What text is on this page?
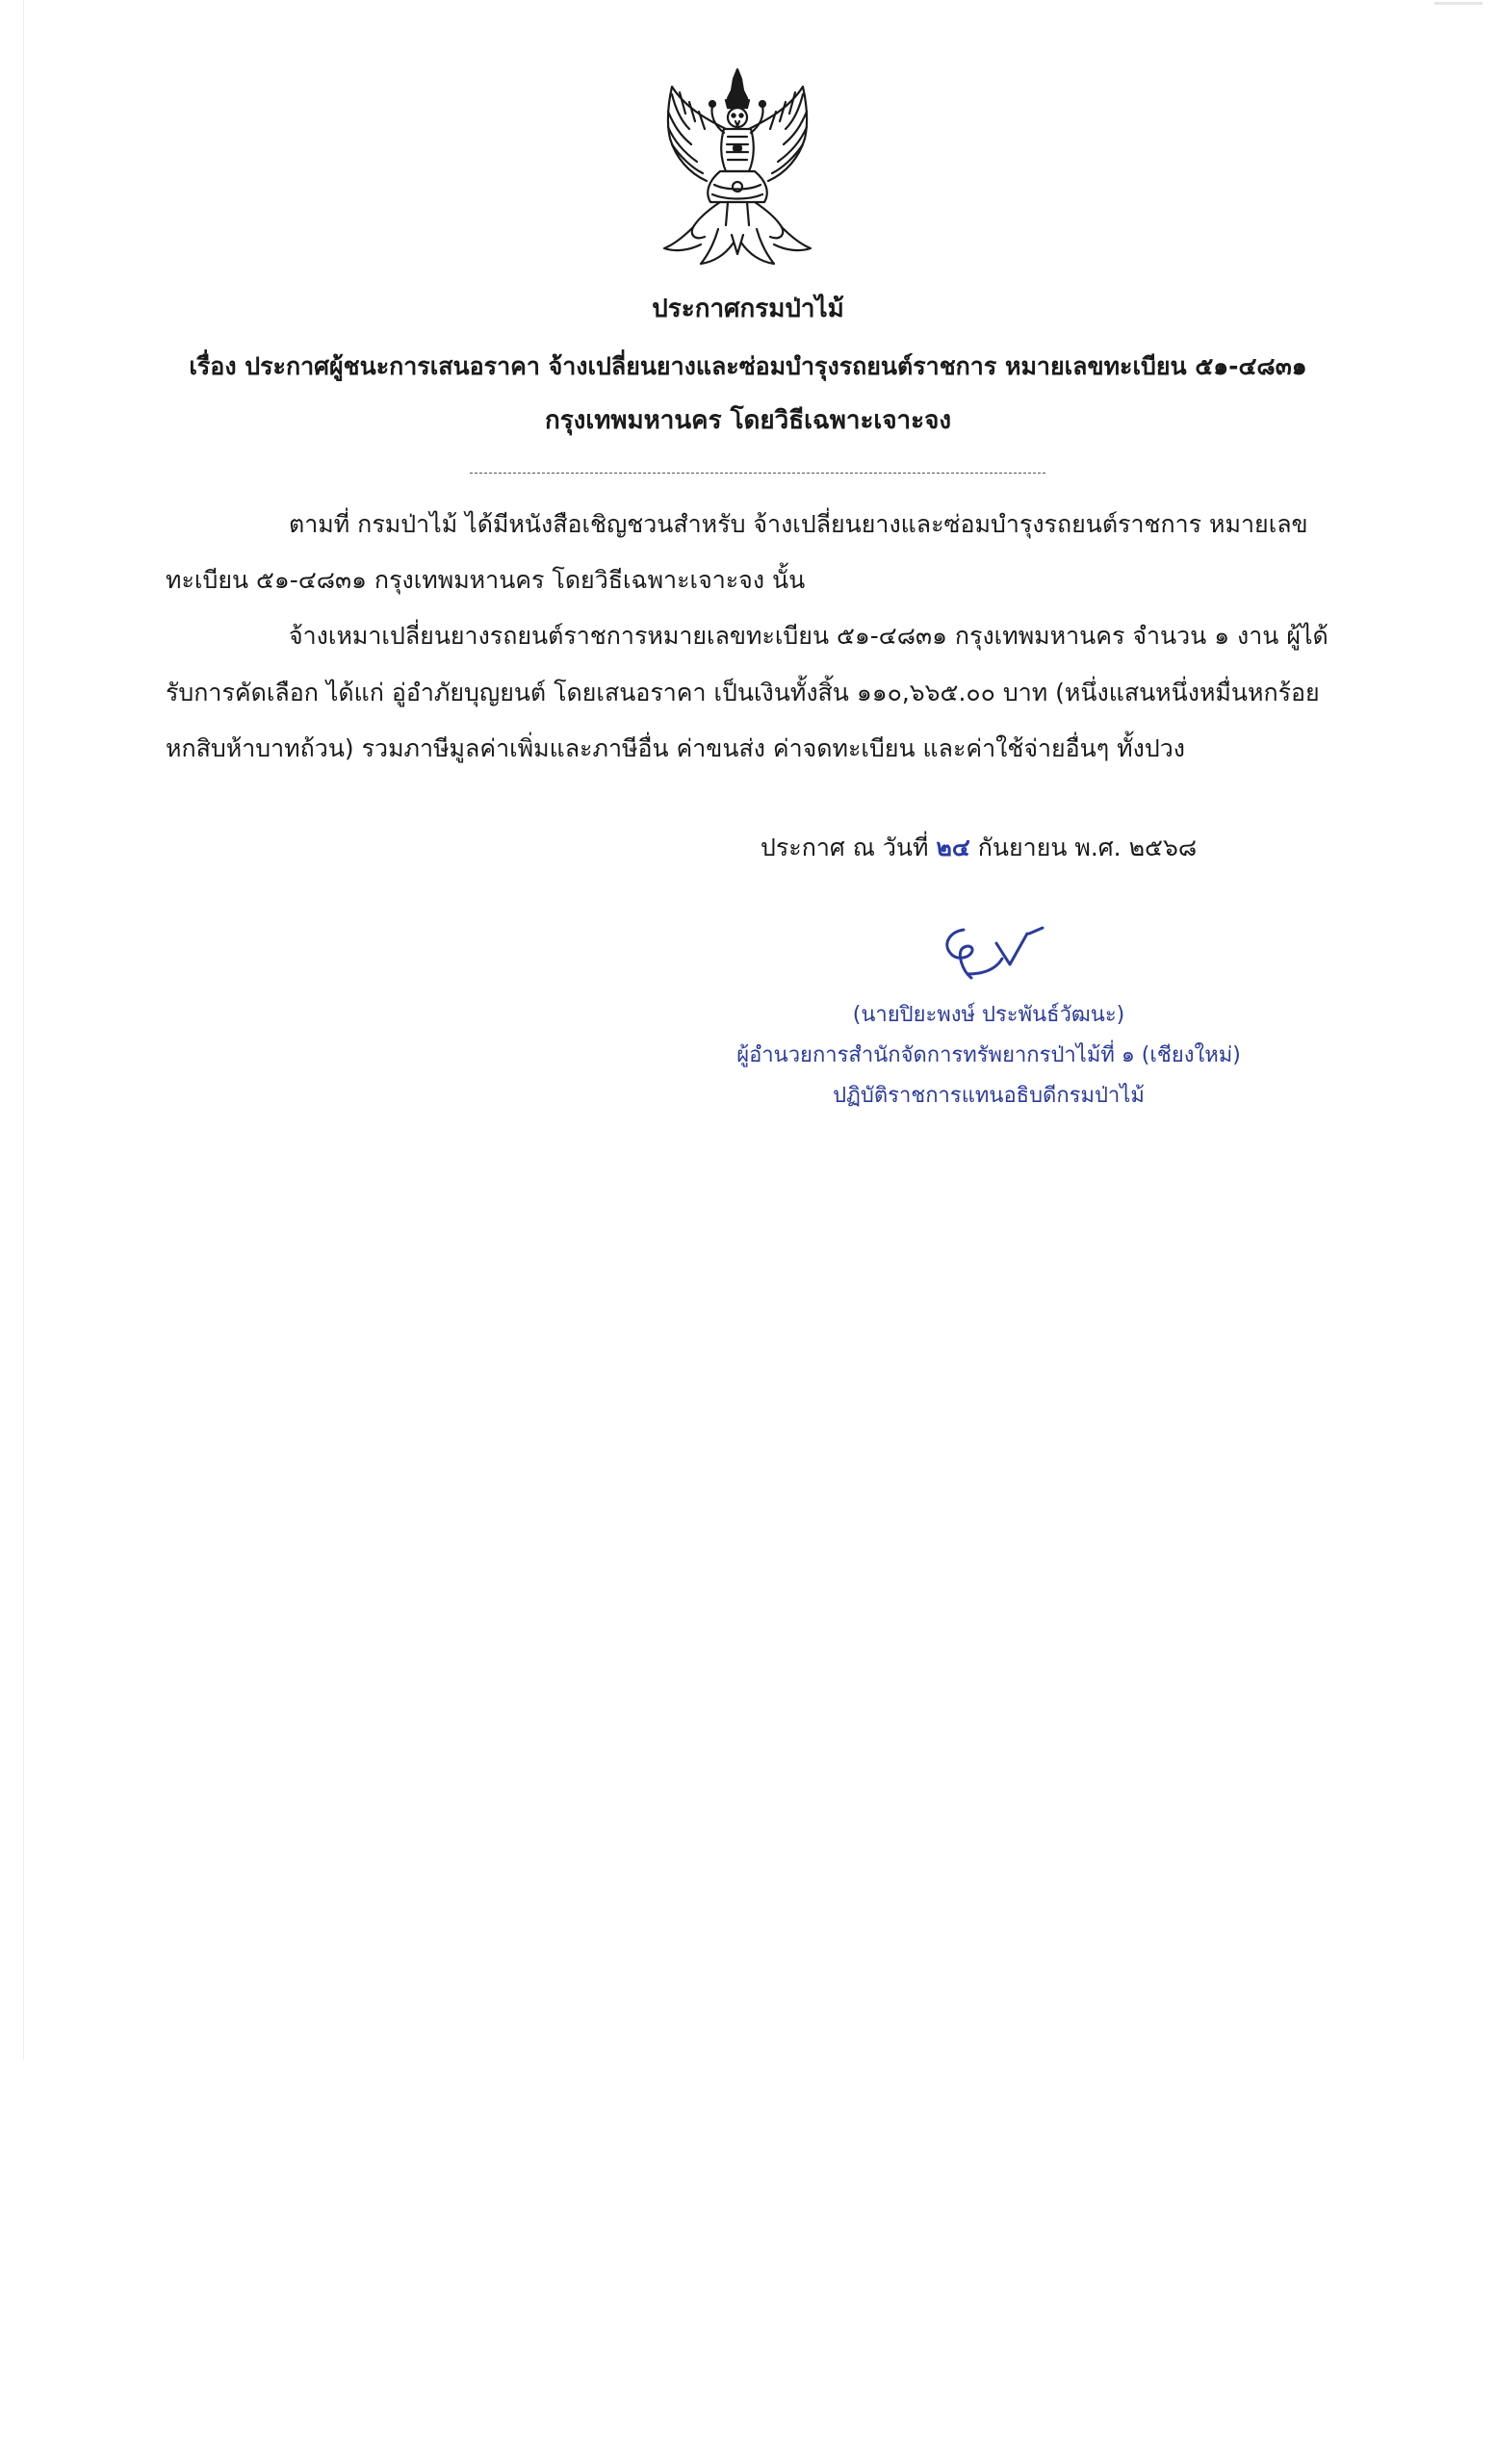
ประกาศกรมป่าไม้
เรื่อง ประกาศผู้ชนะการเสนอราคา จ้างเปลี่ยนยางและซ่อมบำรุงรถยนต์ราชการ หมายเลขทะเบียน ๕๑-๔๘๓๑
กรุงเทพมหานคร โดยวิธีเฉพาะเจาะจง
ตามที่ กรมป่าไม้ ได้มีหนังสือเชิญชวนสำหรับ จ้างเปลี่ยนยางและซ่อมบำรุงรถยนต์ราชการ หมายเลข
ทะเบียน ๕๑-๔๘๓๑ กรุงเทพมหานคร โดยวิธีเฉพาะเจาะจง นั้น
จ้างเหมาเปลี่ยนยางรถยนต์ราชการหมายเลขทะเบียน ๕๑-๔๘๓๑ กรุงเทพมหานคร จำนวน ๑ งาน ผู้ได้
รับการคัดเลือก ได้แก่ อู่อำภัยบุญยนต์ โดยเสนอราคา เป็นเงินทั้งสิ้น ๑๑๐,๖๖๕.๐๐ บาท (หนึ่งแสนหนึ่งหมื่นหกร้อย
หกสิบห้าบาทถ้วน) รวมภาษีมูลค่าเพิ่มและภาษีอื่น ค่าขนส่ง ค่าจดทะเบียน และค่าใช้จ่ายอื่นๆ ทั้งปวง
ประกาศ ณ วันที่ ๒๔ กันยายน พ.ศ. ๒๕๖๘
(นายปิยะพงษ์ ประพันธ์วัฒนะ)
ผู้อำนวยการสำนักจัดการทรัพยากรป่าไม้ที่ ๑ (เชียงใหม่)
ปฏิบัติราชการแทนอธิบดีกรมป่าไม้
